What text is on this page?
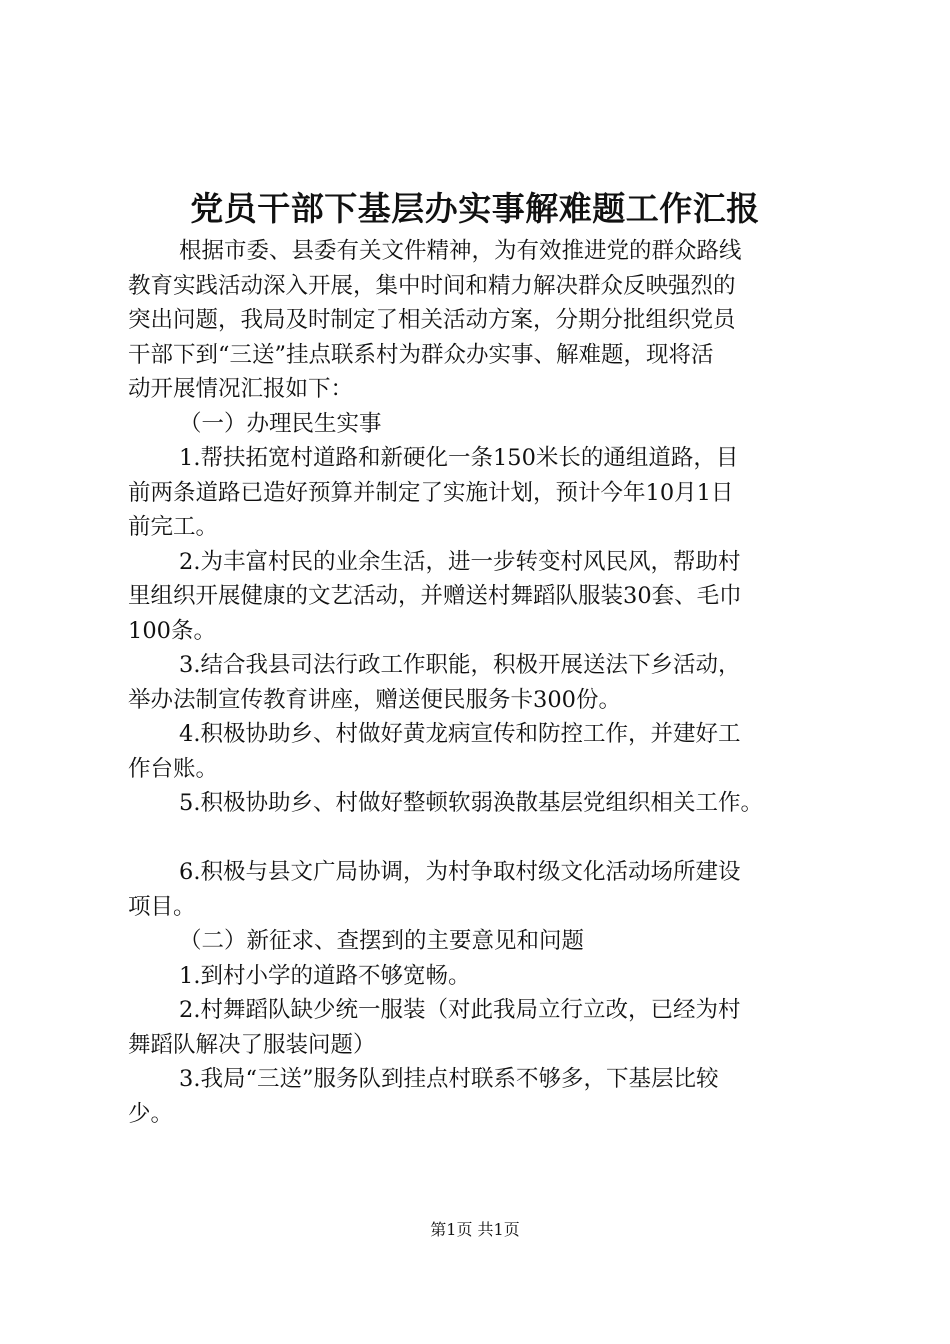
党员干部下基层办实事解难题工作汇报

根据市委、县委有关文件精神，为有效推进党的群众路线

教育实践活动深入开展，集中时间和精力解决群众反映强烈的

突出问题，我局及时制定了相关活动方案，分期分批组织党员

干部下到“三送”挂点联系村为群众办实事、解难题，现将活

动开展情况汇报如下：

（一）办理民生实事

1.帮扶拓宽村道路和新硬化一条150米长的通组道路，目

前两条道路已造好预算并制定了实施计划，预计今年10月1日

前完工。

2.为丰富村民的业余生活，进一步转变村风民风，帮助村

里组织开展健康的文艺活动，并赠送村舞蹈队服装30套、毛巾

100条。

3.结合我县司法行政工作职能，积极开展送法下乡活动，

举办法制宣传教育讲座，赠送便民服务卡300份。

4.积极协助乡、村做好黄龙病宣传和防控工作，并建好工

作台账。

5.积极协助乡、村做好整顿软弱涣散基层党组织相关工作。

6.积极与县文广局协调，为村争取村级文化活动场所建设

项目。

（二）新征求、查摆到的主要意见和问题

1.到村小学的道路不够宽畅。

2.村舞蹈队缺少统一服装（对此我局立行立改，已经为村

舞蹈队解决了服装问题）

3.我局“三送”服务队到挂点村联系不够多，下基层比较

少。

第1页 共1页
